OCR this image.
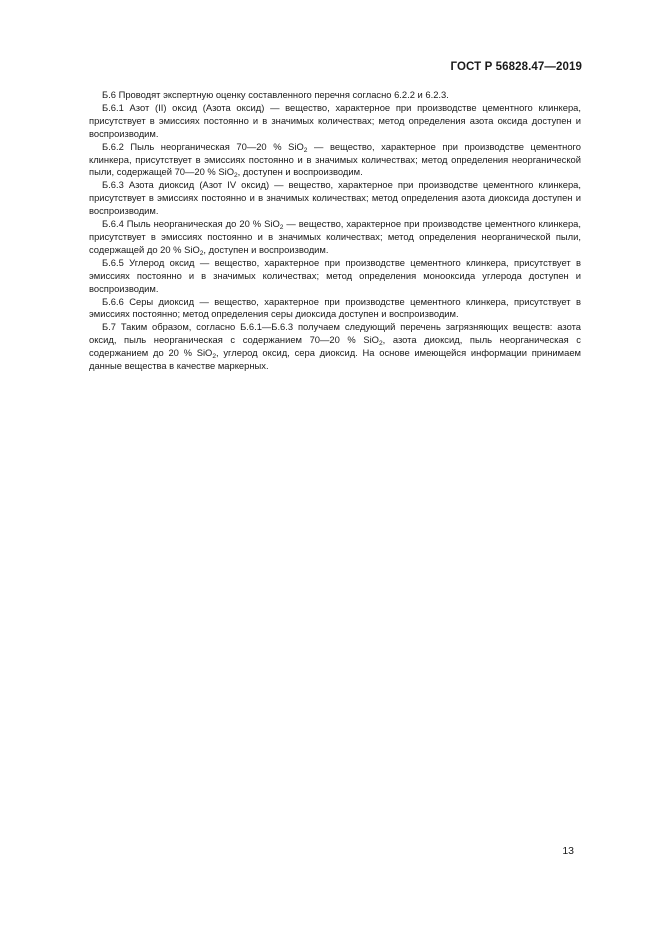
ГОСТ Р 56828.47—2019

Б.6 Проводят экспертную оценку составленного перечня согласно 6.2.2 и 6.2.3.

Б.6.1 Азот (II) оксид (Азота оксид) — вещество, характерное при производстве цементного клинкера, присутствует в эмиссиях постоянно и в значимых количествах; метод определения азота оксида доступен и воспроизводим.

Б.6.2 Пыль неорганическая 70—20 % SiO$_2$ — вещество, характерное при производстве цементного клинкера, присутствует в эмиссиях постоянно и в значимых количествах; метод определения неорганической пыли, содержащей 70—20 % SiO$_2$, доступен и воспроизводим.

Б.6.3 Азота диоксид (Азот IV оксид) — вещество, характерное при производстве цементного клинкера, присутствует в эмиссиях постоянно и в значимых количествах; метод определения азота диоксида доступен и воспроизводим.

Б.6.4 Пыль неорганическая до 20 % SiO$_2$ — вещество, характерное при производстве цементного клинкера, присутствует в эмиссиях постоянно и в значимых количествах; метод определения неорганической пыли, содержащей до 20 % SiO$_2$, доступен и воспроизводим.

Б.6.5 Углерод оксид — вещество, характерное при производстве цементного клинкера, присутствует в эмиссиях постоянно и в значимых количествах; метод определения монооксида углерода доступен и воспроизводим.

Б.6.6 Серы диоксид — вещество, характерное при производстве цементного клинкера, присутствует в эмиссиях постоянно; метод определения серы диоксида доступен и воспроизводим.

Б.7 Таким образом, согласно Б.6.1—Б.6.3 получаем следующий перечень загрязняющих веществ: азота оксид, пыль неорганическая с содержанием 70—20 % SiO$_2$, азота диоксид, пыль неорганическая с содержанием до 20 % SiO$_2$, углерод оксид, сера диоксид. На основе имеющейся информации принимаем данные вещества в качестве маркерных.

13
